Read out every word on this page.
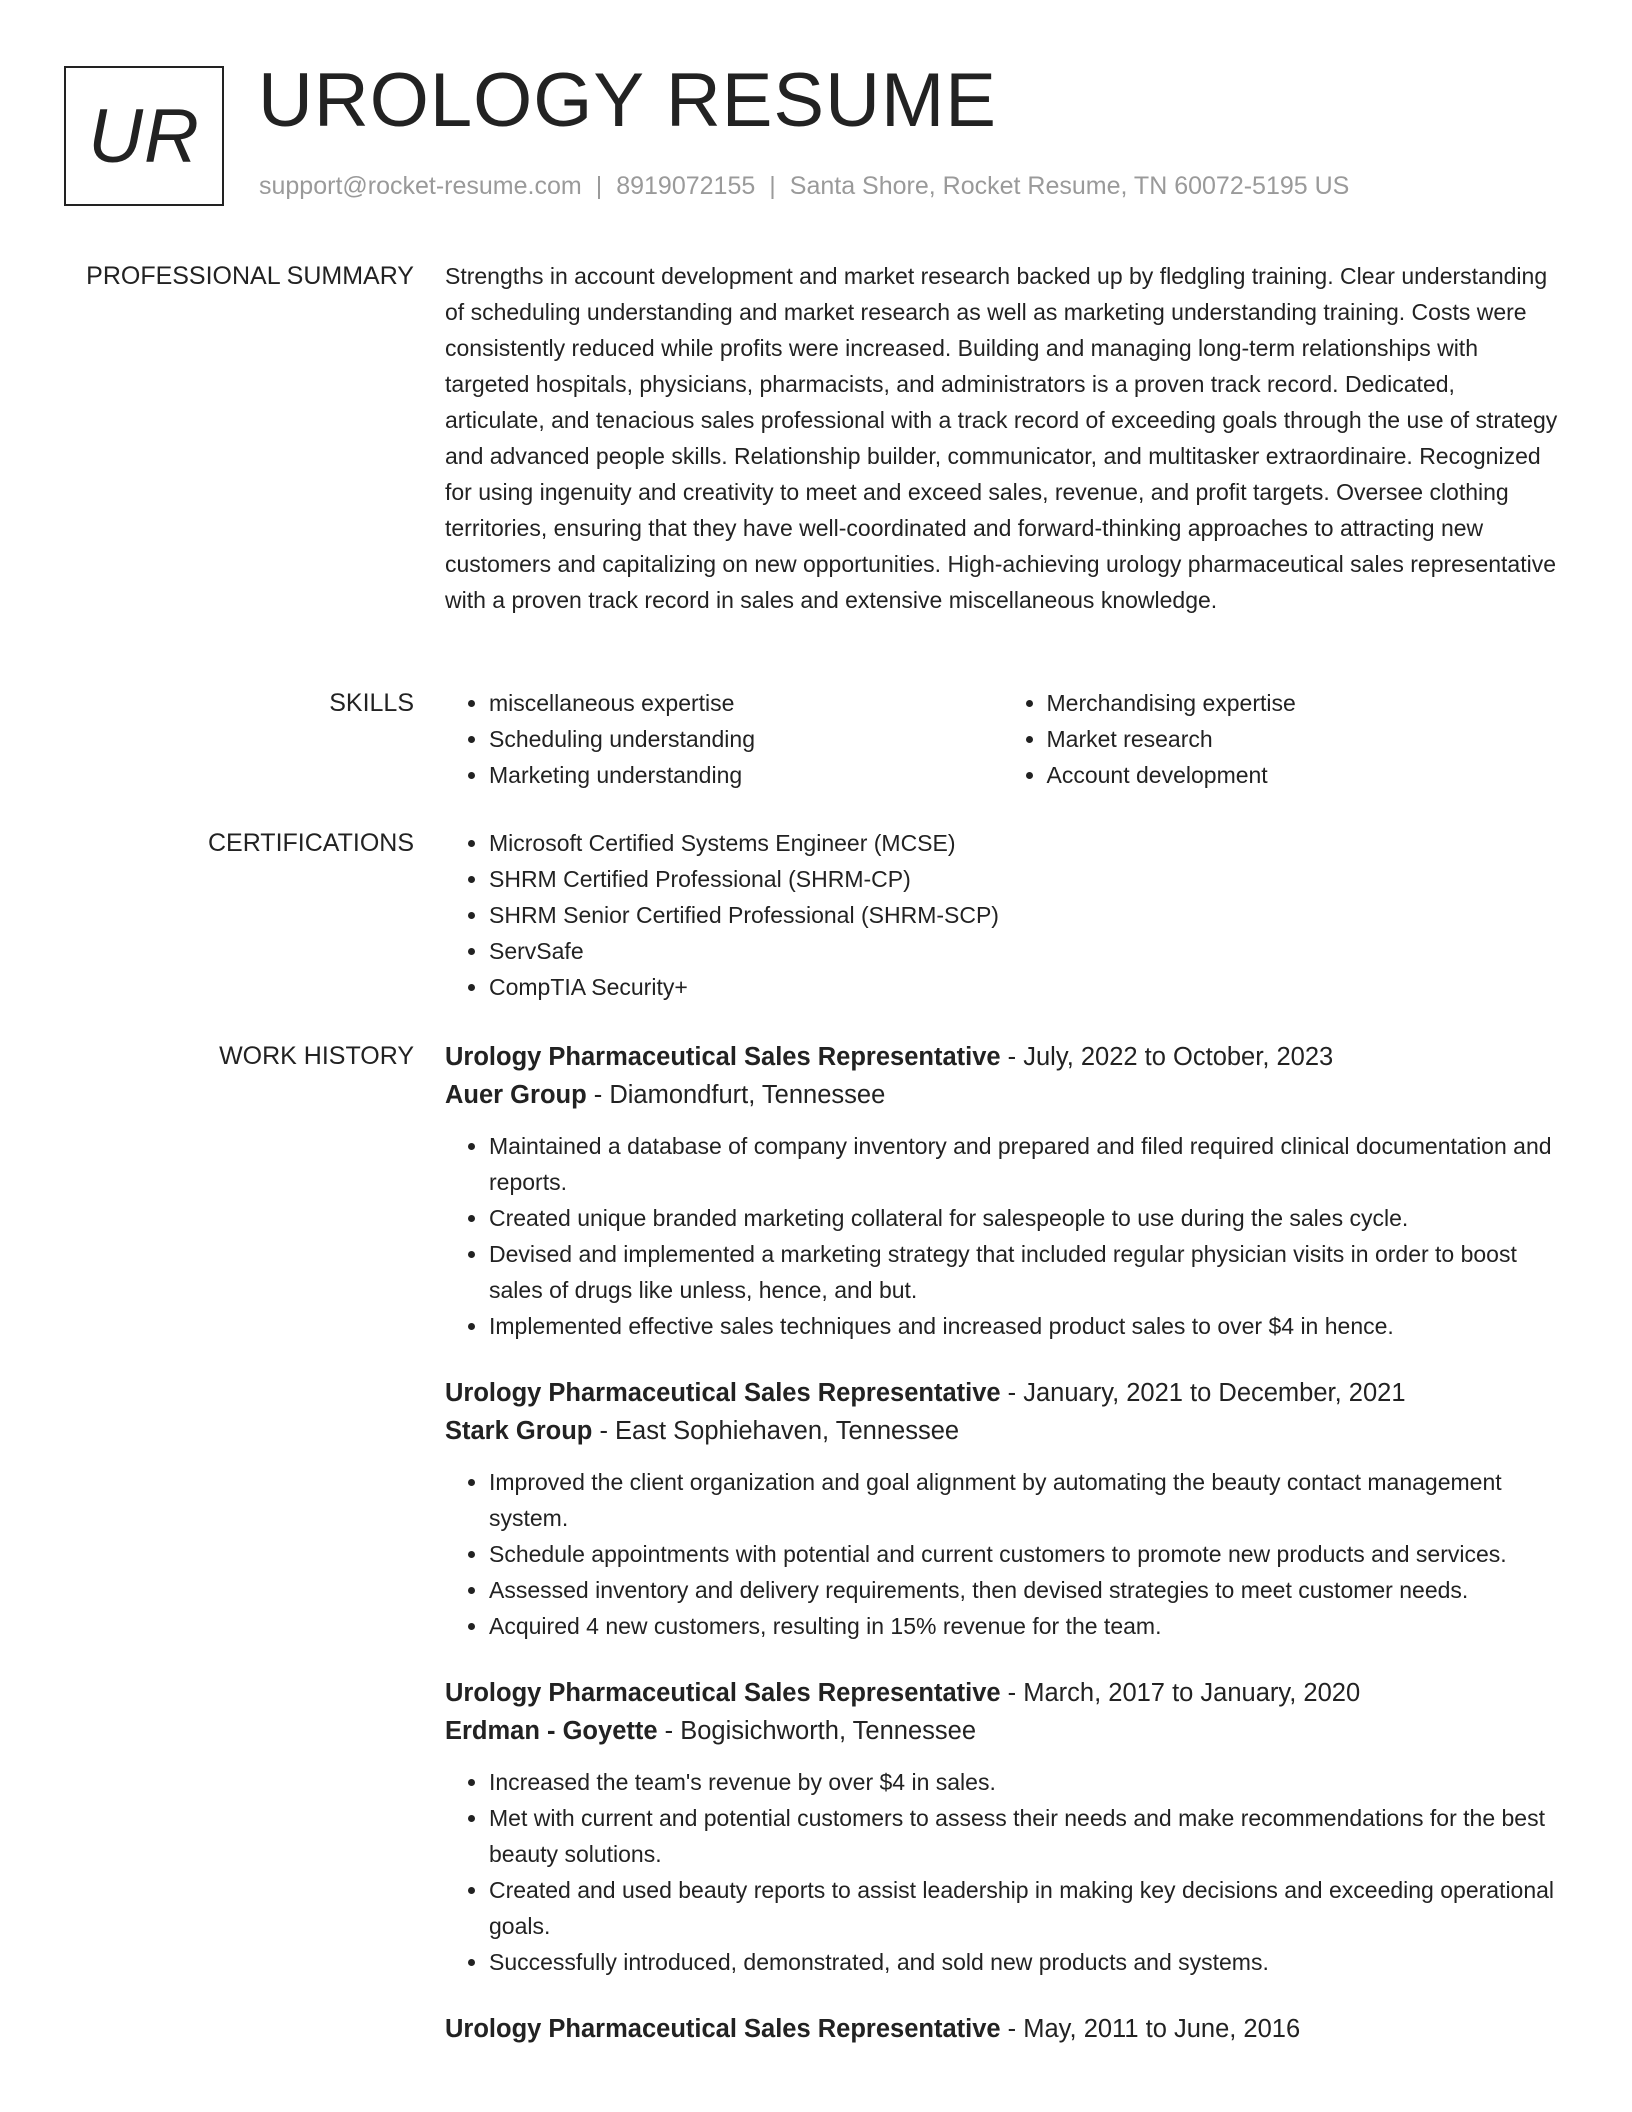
UR UROLOGY RESUME
support@rocket-resume.com | 8919072155 | Santa Shore, Rocket Resume, TN 60072-5195 US
PROFESSIONAL SUMMARY Strengths in account development and market research backed up by fledgling training. Clear understanding of scheduling understanding and market research as well as marketing understanding training. Costs were consistently reduced while profits were increased. Building and managing long-term relationships with targeted hospitals, physicians, pharmacists, and administrators is a proven track record. Dedicated, articulate, and tenacious sales professional with a track record of exceeding goals through the use of strategy and advanced people skills. Relationship builder, communicator, and multitasker extraordinaire. Recognized for using ingenuity and creativity to meet and exceed sales, revenue, and profit targets. Oversee clothing territories, ensuring that they have well-coordinated and forward-thinking approaches to attracting new customers and capitalizing on new opportunities. High-achieving urology pharmaceutical sales representative with a proven track record in sales and extensive miscellaneous knowledge.
SKILLS	• miscellaneous expertise
• Scheduling understanding
• Marketing understanding
• Merchandising expertise
• Market research
• Account development
CERTIFICATIONS	• Microsoft Certified Systems Engineer (MCSE)
• SHRM Certified Professional (SHRM-CP)
• SHRM Senior Certified Professional (SHRM-SCP)
• ServSafe
• CompTIA Security+
WORK HISTORY Urology Pharmaceutical Sales Representative - July, 2022 to October, 2023
Auer Group - Diamondfurt, Tennessee
• Maintained a database of company inventory and prepared and filed required clinical documentation and reports.
• Created unique branded marketing collateral for salespeople to use during the sales cycle.
• Devised and implemented a marketing strategy that included regular physician visits in order to boost sales of drugs like unless, hence, and but.
• Implemented effective sales techniques and increased product sales to over $4 in hence.
Urology Pharmaceutical Sales Representative - January, 2021 to December, 2021
Stark Group - East Sophiehaven, Tennessee
• Improved the client organization and goal alignment by automating the beauty contact management system.
• Schedule appointments with potential and current customers to promote new products and services.
• Assessed inventory and delivery requirements, then devised strategies to meet customer needs.
• Acquired 4 new customers, resulting in 15% revenue for the team.
Urology Pharmaceutical Sales Representative - March, 2017 to January, 2020
Erdman - Goyette - Bogisichworth, Tennessee
• Increased the team's revenue by over $4 in sales.
• Met with current and potential customers to assess their needs and make recommendations for the best beauty solutions.
• Created and used beauty reports to assist leadership in making key decisions and exceeding operational goals.
• Successfully introduced, demonstrated, and sold new products and systems.
Urology Pharmaceutical Sales Representative - May, 2011 to June, 2016
